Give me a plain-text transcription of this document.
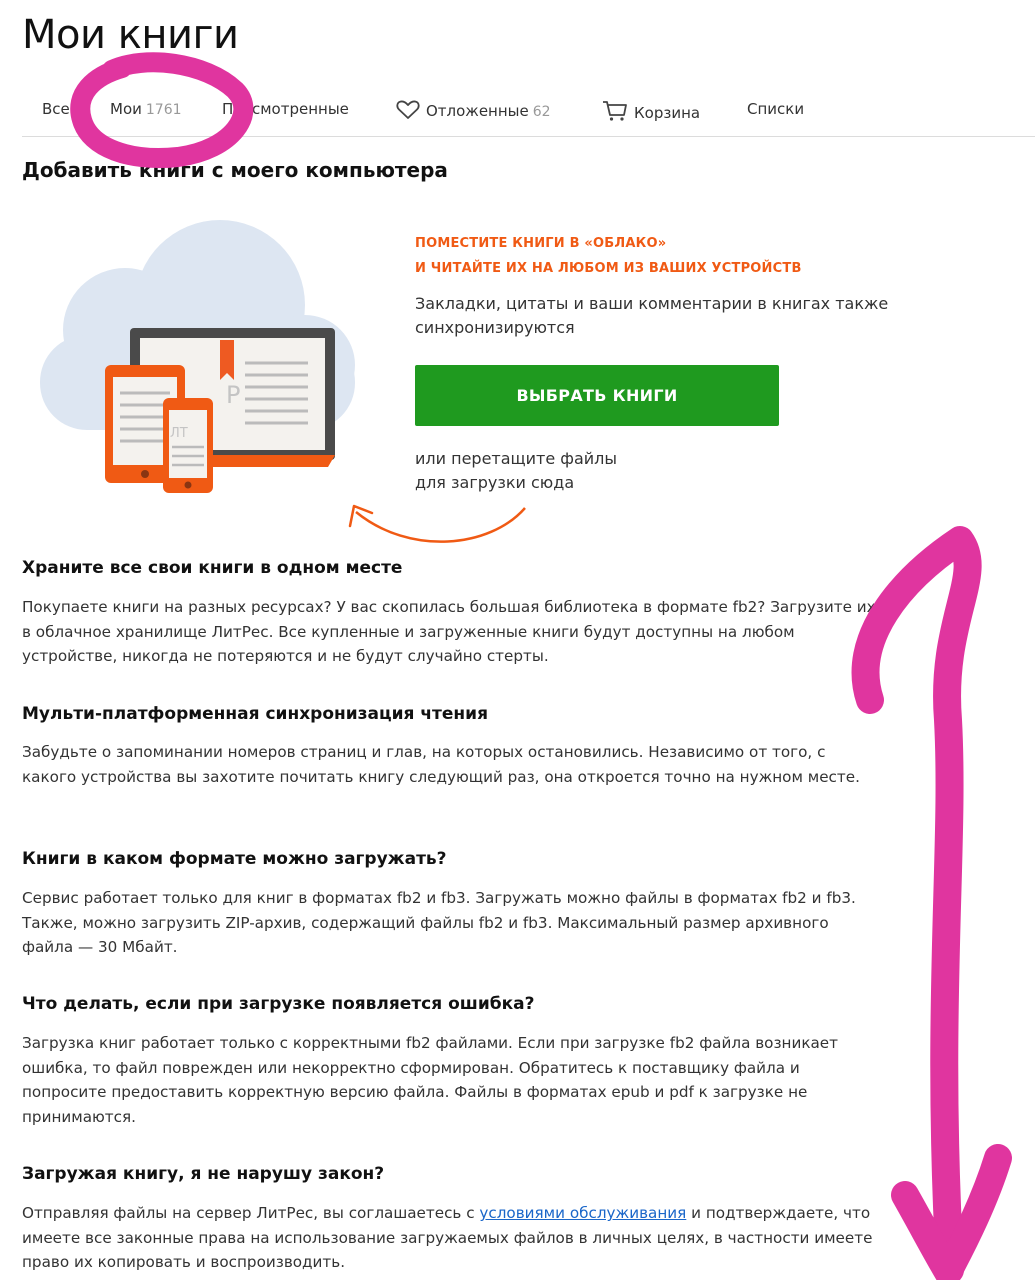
Мои книги
Все	Мои 1761	Просмотренные	Отложенные 62	Корзина	Списки
Добавить книги с моего компьютера
P
ЛТ
ПОМЕСТИТЕ КНИГИ В «ОБЛАКО»
И ЧИТАЙТЕ ИХ НА ЛЮБОМ ИЗ ВАШИХ УСТРОЙСТВ
Закладки, цитаты и ваши комментарии в книгах также синхронизируются
ВЫБРАТЬ КНИГИ
или перетащите файлы
для загрузки сюда
Храните все свои книги в одном месте

Покупаете книги на разных ресурсах? У вас скопилась большая библиотека в формате fb2? Загрузите их в облачное хранилище ЛитРес. Все купленные и загруженные книги будут доступны на любом устройстве, никогда не потеряются и не будут случайно стерты.

Мульти-платформенная синхронизация чтения

Забудьте о запоминании номеров страниц и глав, на которых остановились. Независимо от того, с какого устройства вы захотите почитать книгу следующий раз, она откроется точно на нужном месте.

Книги в каком формате можно загружать?

Сервис работает только для книг в форматах fb2 и fb3. Загружать можно файлы в форматах fb2 и fb3. Также, можно загрузить ZIP-архив, содержащий файлы fb2 и fb3. Максимальный размер архивного файла — 30 Мбайт.

Что делать, если при загрузке появляется ошибка?

Загрузка книг работает только с корректными fb2 файлами. Если при загрузке fb2 файла возникает ошибка, то файл поврежден или некорректно сформирован. Обратитесь к поставщику файла и попросите предоставить корректную версию файла. Файлы в форматах epub и pdf к загрузке не принимаются.

Загружая книгу, я не нарушу закон?

Отправляя файлы на сервер ЛитРес, вы соглашаетесь с условиями обслуживания и подтверждаете, что имеете все законные права на использование загружаемых файлов в личных целях, в частности имеете право их копировать и воспроизводить.
